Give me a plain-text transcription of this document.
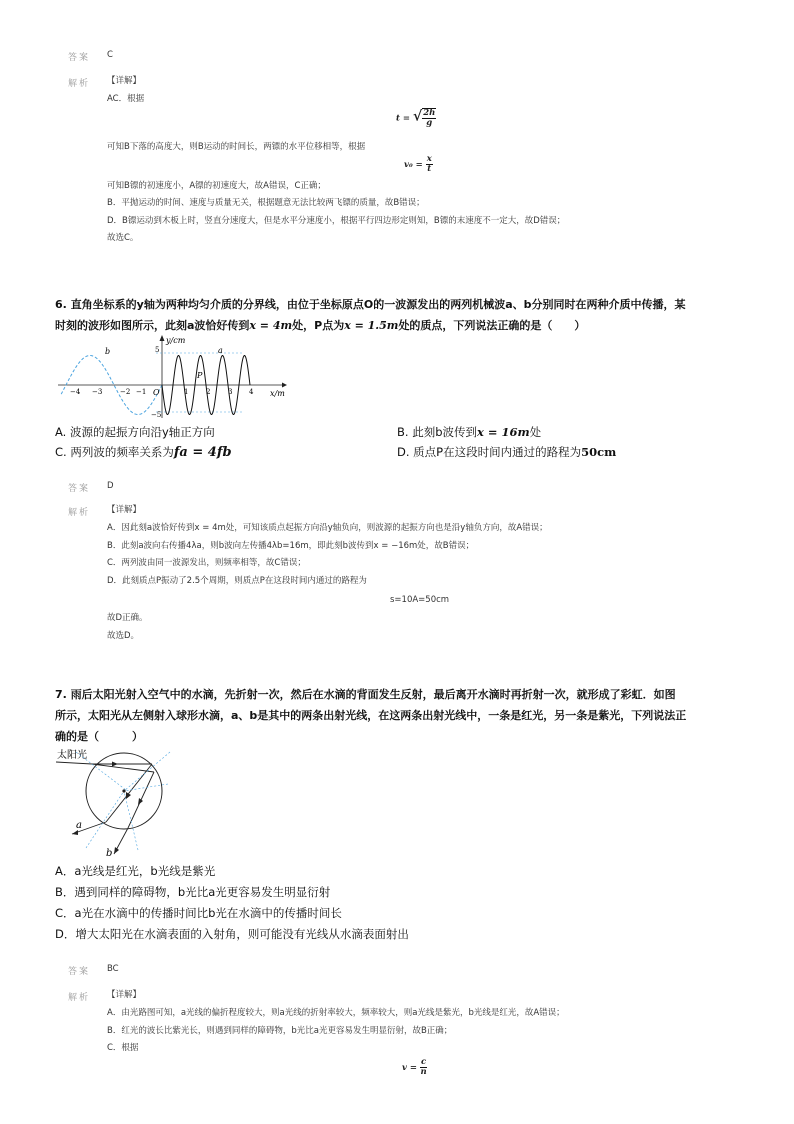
答案 C
解析 【详解】
AC．根据
t = √ $\frac{2h}{g}$
可知B下落的高度大，则B运动的时间长，两镖的水平位移相等，根据
$v_0 = \frac{x}{t}$
可知B镖的初速度小，A镖的初速度大，故A错误，C正确；
B．平抛运动的时间、速度与质量无关，根据题意无法比较两飞镖的质量，故B错误；
D．B镖运动到木板上时，竖直分速度大，但是水平分速度小，根据平行四边形定则知，B镖的末速度不一定大，故D错误；
故选C。
6. 直角坐标系的y轴为两种均匀介质的分界线，由位于坐标原点O的一波源发出的两列机械波a、b分别同时在两种介质中传播，某
时刻的波形如图所示，此刻a波恰好传到x = 4m处，P点为x = 1.5m处的质点，下列说法正确的是（　　）
y/cm
x/m
O
a
b
P
5
−5
−4 −3	−2 −1	1	2	3 4
A. 波源的起振方向沿y轴正方向	B. 此刻b波传到x = 16m处
C. 两列波的频率关系为fa = 4fb	D. 质点P在这段时间内通过的路程为50cm
答案 D
解析 【详解】
A．因此刻a波恰好传到x = 4m处，可知该质点起振方向沿y轴负向，则波源的起振方向也是沿y轴负方向，故A错误；
B．此刻a波向右传播4λa，则b波向左传播4λb=16m，即此刻b波传到x = −16m处，故B错误；
C．两列波由同一波源发出，则频率相等，故C错误；
D．此刻质点P振动了2.5个周期，则质点P在这段时间内通过的路程为
s=10A=50cm
故D正确。
故选D。
7. 雨后太阳光射入空气中的水滴，先折射一次，然后在水滴的背面发生反射，最后离开水滴时再折射一次，就形成了彩虹．如图
所示，太阳光从左侧射入球形水滴，a、b是其中的两条出射光线，在这两条出射光线中，一条是红光，另一条是紫光，下列说法正
确的是（　　　）
太阳光
a
b
A．a光线是红光，b光线是紫光
B．遇到同样的障碍物，b光比a光更容易发生明显衍射
C．a光在水滴中的传播时间比b光在水滴中的传播时间长
D．增大太阳光在水滴表面的入射角，则可能没有光线从水滴表面射出
答案 BC
解析 【详解】
A．由光路图可知，a光线的偏折程度较大，则a光线的折射率较大，频率较大，则a光线是紫光，b光线是红光，故A错误；
B．红光的波长比紫光长，则遇到同样的障碍物，b光比a光更容易发生明显衍射，故B正确；
C．根据
$v = \frac{c}{n}$
